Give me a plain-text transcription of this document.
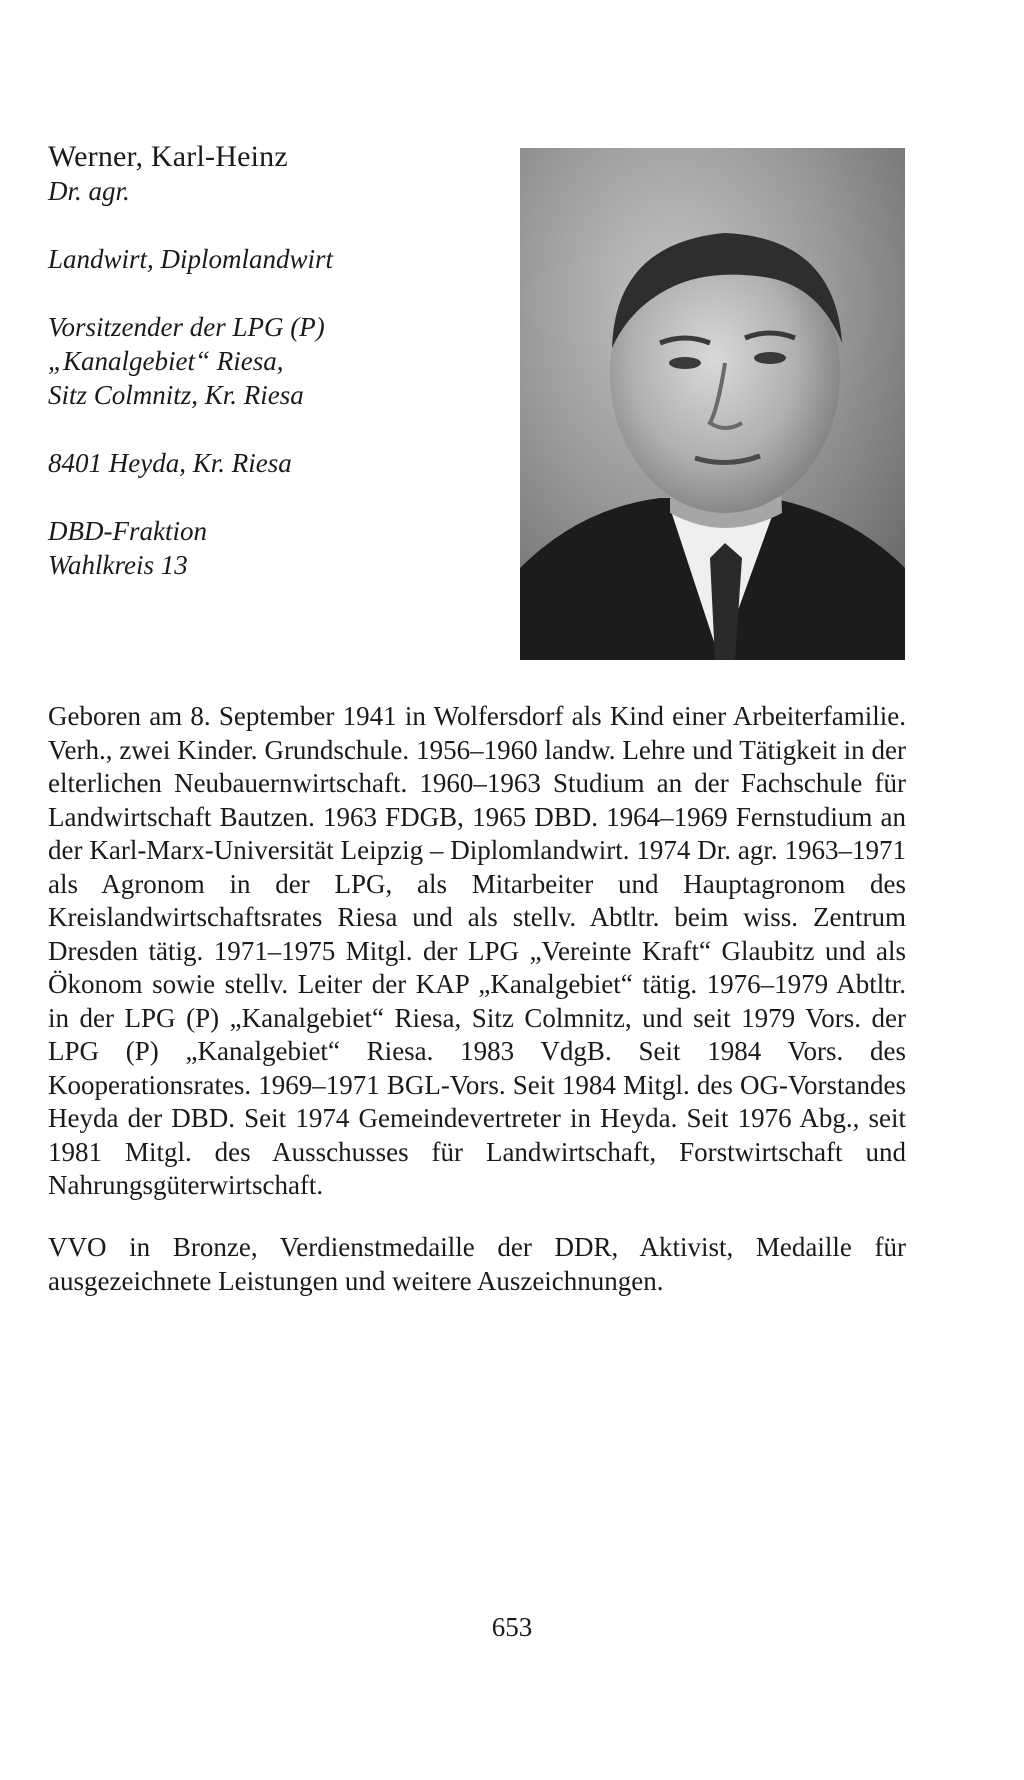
Werner, Karl-Heinz

Dr. agr.

Landwirt, Diplomlandwirt

Vorsitzender der LPG (P)

„Kanalgebiet“ Riesa,

Sitz Colmnitz, Kr. Riesa

8401 Heyda, Kr. Riesa

DBD-Fraktion

Wahlkreis 13

Geboren am 8. September 1941 in Wolfersdorf als Kind einer Arbeiterfamilie. Verh., zwei Kinder. Grundschule. 1956–1960 landw. Lehre und Tätigkeit in der elterlichen Neubauernwirtschaft. 1960–1963 Studium an der Fachschule für Landwirtschaft Bautzen. 1963 FDGB, 1965 DBD. 1964–1969 Fernstudium an der Karl-Marx-Universität Leipzig – Diplomlandwirt. 1974 Dr. agr. 1963–1971 als Agronom in der LPG, als Mitarbeiter und Hauptagronom des Kreislandwirtschaftsrates Riesa und als stellv. Abtltr. beim wiss. Zentrum Dresden tätig. 1971–1975 Mitgl. der LPG „Vereinte Kraft“ Glaubitz und als Ökonom sowie stellv. Leiter der KAP „Kanalgebiet“ tätig. 1976–1979 Abtltr. in der LPG (P) „Kanalgebiet“ Riesa, Sitz Colmnitz, und seit 1979 Vors. der LPG (P) „Kanalgebiet“ Riesa. 1983 VdgB. Seit 1984 Vors. des Kooperationsrates. 1969–1971 BGL-Vors. Seit 1984 Mitgl. des OG-Vorstandes Heyda der DBD. Seit 1974 Gemeindevertreter in Heyda. Seit 1976 Abg., seit 1981 Mitgl. des Ausschusses für Landwirtschaft, Forstwirtschaft und Nahrungsgüterwirtschaft.

VVO in Bronze, Verdienstmedaille der DDR, Aktivist, Medaille für ausgezeichnete Leistungen und weitere Auszeichnungen.

653
